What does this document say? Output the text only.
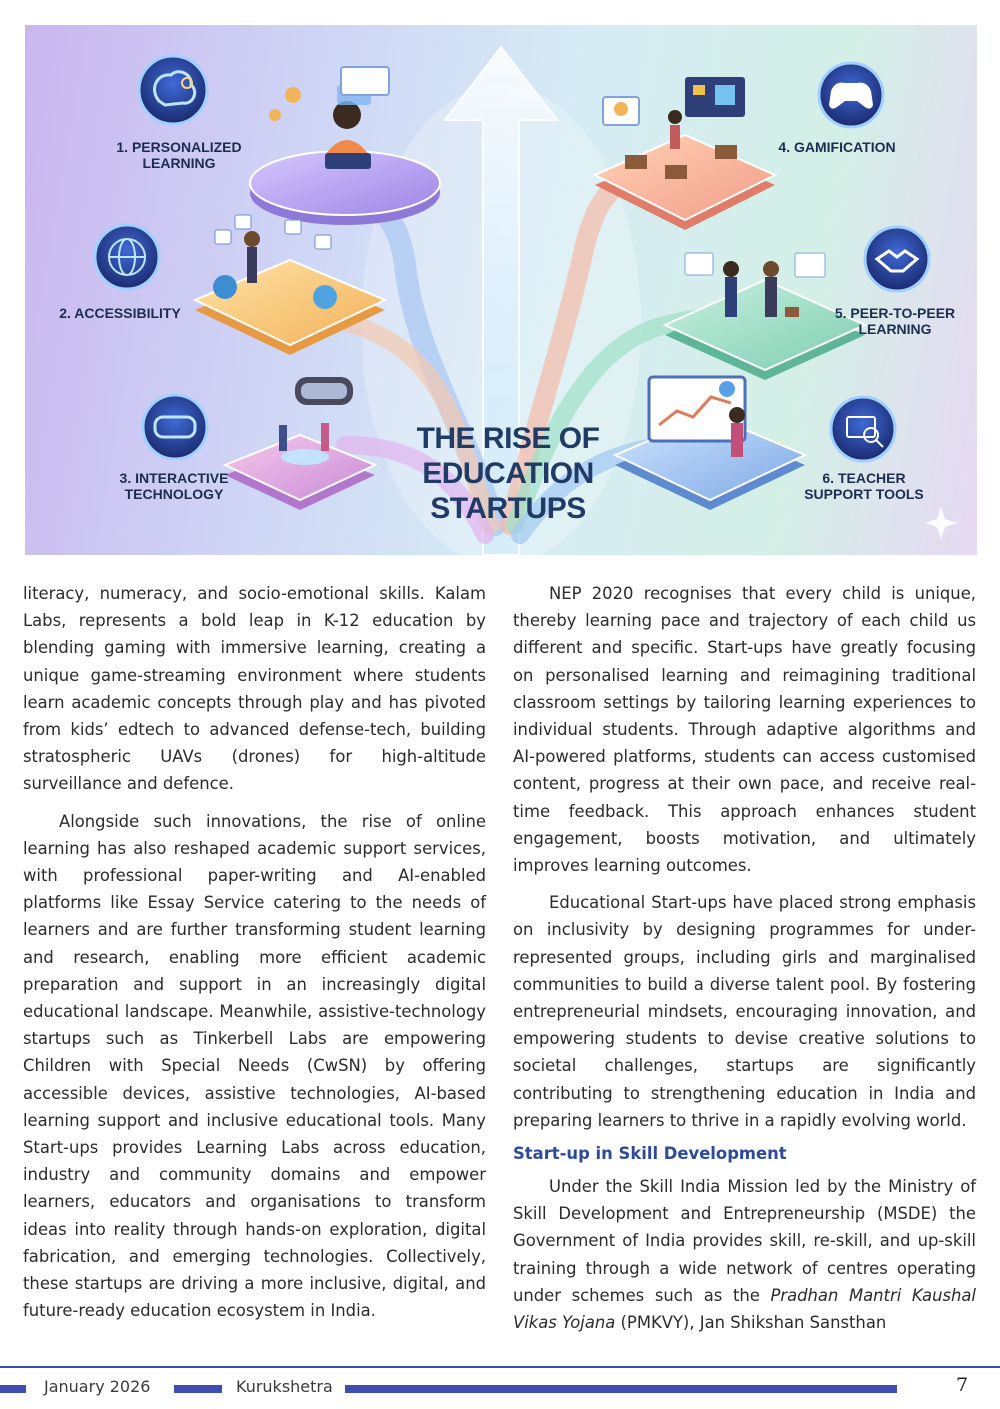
1. PERSONALIZED
LEARNING
2. ACCESSIBILITY
3. INTERACTIVE
TECHNOLOGY
4. GAMIFICATION
5. PEER-TO-PEER
LEARNING
6. TEACHER
SUPPORT TOOLS
THE RISE OF
EDUCATION
STARTUPS

literacy, numeracy, and socio-emotional skills. Kalam Labs, represents a bold leap in K-12 education by blending gaming with immersive learning, creating a unique game-streaming environment where students learn academic concepts through play and has pivoted from kids’ edtech to advanced defense-tech, building stratospheric UAVs (drones) for high-altitude surveillance and defence.

Alongside such innovations, the rise of online learning has also reshaped academic support services, with professional paper-writing and AI-enabled platforms like Essay Service catering to the needs of learners and are further transforming student learning and research, enabling more efficient academic preparation and support in an increasingly digital educational landscape. Meanwhile, assistive-technology startups such as Tinkerbell Labs are empowering Children with Special Needs (CwSN) by offering accessible devices, assistive technologies, AI-based learning support and inclusive educational tools. Many Start-ups provides Learning Labs across education, industry and community domains and empower learners, educators and organisations to transform ideas into reality through hands-on exploration, digital fabrication, and emerging technologies. Collectively, these startups are driving a more inclusive, digital, and future-ready education ecosystem in India.

NEP 2020 recognises that every child is unique, thereby learning pace and trajectory of each child us different and specific. Start-ups have greatly focusing on personalised learning and reimagining traditional classroom settings by tailoring learning experiences to individual students. Through adaptive algorithms and AI-powered platforms, students can access customised content, progress at their own pace, and receive real-time feedback. This approach enhances student engagement, boosts motivation, and ultimately improves learning outcomes.

Educational Start-ups have placed strong emphasis on inclusivity by designing programmes for under-represented groups, including girls and marginalised communities to build a diverse talent pool. By fostering entrepreneurial mindsets, encouraging innovation, and empowering students to devise creative solutions to societal challenges, startups are significantly contributing to strengthening education in India and preparing learners to thrive in a rapidly evolving world.

Start-up in Skill Development

Under the Skill India Mission led by the Ministry of Skill Development and Entrepreneurship (MSDE) the Government of India provides skill, re-skill, and up-skill training through a wide network of centres operating under schemes such as the Pradhan Mantri Kaushal Vikas Yojana (PMKVY), Jan Shikshan Sansthan

January 2026	Kurukshetra	7
